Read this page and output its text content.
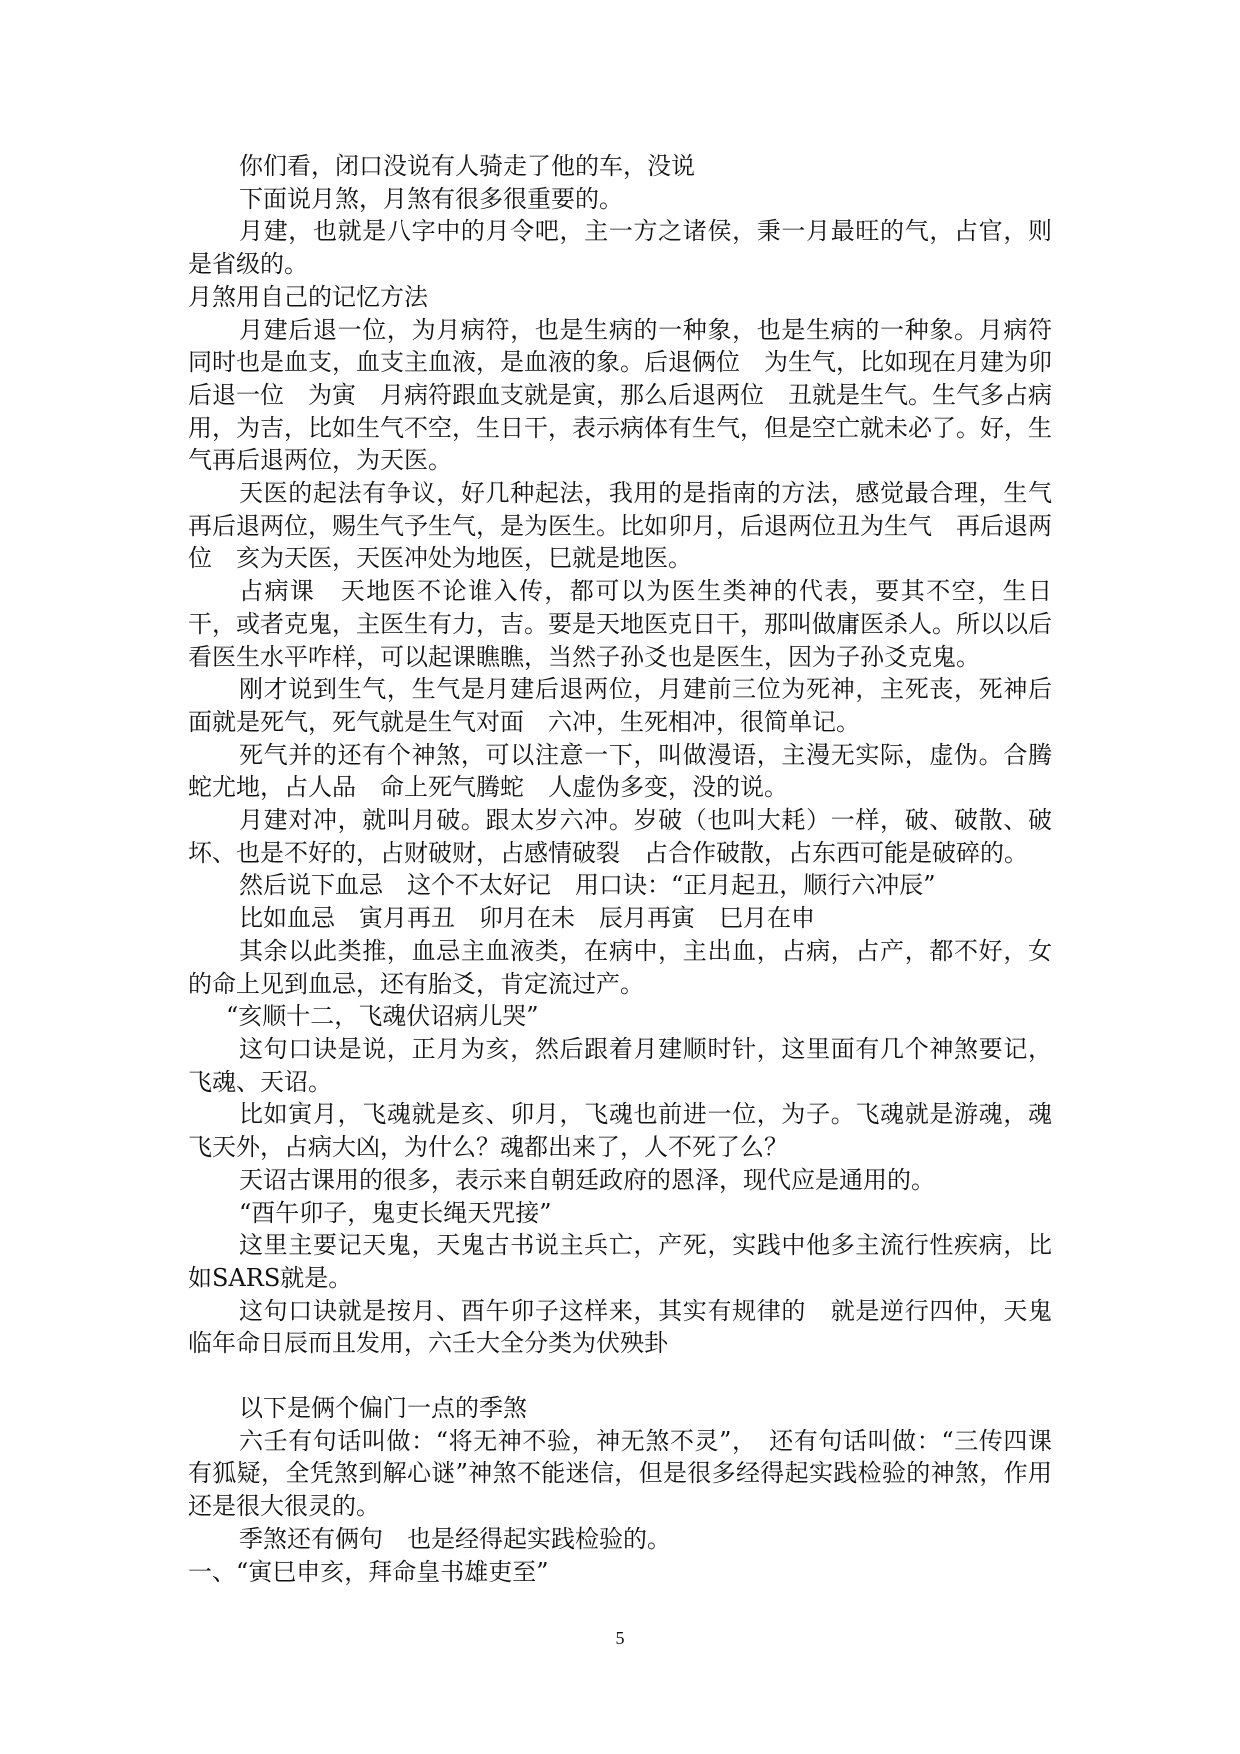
你们看，闭口没说有人骑走了他的车，没说

下面说月煞，月煞有很多很重要的。

月建，也就是八字中的月令吧，主一方之诸侯，秉一月最旺的气，占官，则是省级的。

月煞用自己的记忆方法

月建后退一位，为月病符，也是生病的一种象，也是生病的一种象。月病符同时也是血支，血支主血液，是血液的象。后退俩位　为生气，比如现在月建为卯　后退一位　为寅　月病符跟血支就是寅，那么后退两位　丑就是生气。生气多占病用，为吉，比如生气不空，生日干，表示病体有生气，但是空亡就未必了。好，生气再后退两位，为天医。

天医的起法有争议，好几种起法，我用的是指南的方法，感觉最合理，生气再后退两位，赐生气予生气，是为医生。比如卯月，后退两位丑为生气　再后退两位　亥为天医，天医冲处为地医，巳就是地医。

占病课　天地医不论谁入传，都可以为医生类神的代表，要其不空，生日干，或者克鬼，主医生有力，吉。要是天地医克日干，那叫做庸医杀人。所以以后看医生水平咋样，可以起课瞧瞧，当然子孙爻也是医生，因为子孙爻克鬼。

刚才说到生气，生气是月建后退两位，月建前三位为死神，主死丧，死神后面就是死气，死气就是生气对面　六冲，生死相冲，很简单记。

死气并的还有个神煞，可以注意一下，叫做漫语，主漫无实际，虚伪。合腾蛇尤地，占人品　命上死气腾蛇　人虚伪多变，没的说。

月建对冲，就叫月破。跟太岁六冲。岁破（也叫大耗）一样，破、破散、破坏、也是不好的，占财破财，占感情破裂　占合作破散，占东西可能是破碎的。

然后说下血忌　这个不太好记　用口诀：“正月起丑，顺行六冲辰”

比如血忌　寅月再丑　卯月在未　辰月再寅　巳月在申

其余以此类推，血忌主血液类，在病中，主出血，占病，占产，都不好，女的命上见到血忌，还有胎爻，肯定流过产。

“亥顺十二，飞魂伏诏病儿哭”

这句口诀是说，正月为亥，然后跟着月建顺时针，这里面有几个神煞要记，飞魂、天诏。

比如寅月，飞魂就是亥、卯月，飞魂也前进一位，为子。飞魂就是游魂，魂飞天外，占病大凶，为什么？魂都出来了，人不死了么？

天诏古课用的很多，表示来自朝廷政府的恩泽，现代应是通用的。

“酉午卯子，鬼吏长绳天咒接”

这里主要记天鬼，天鬼古书说主兵亡，产死，实践中他多主流行性疾病，比如SARS就是。

这句口诀就是按月、酉午卯子这样来，其实有规律的　就是逆行四仲，天鬼临年命日辰而且发用，六壬大全分类为伏殃卦

以下是俩个偏门一点的季煞

六壬有句话叫做：“将无神不验，神无煞不灵”，　还有句话叫做：“三传四课有狐疑，全凭煞到解心谜”神煞不能迷信，但是很多经得起实践检验的神煞，作用还是很大很灵的。

季煞还有俩句　也是经得起实践检验的。

一、“寅巳申亥，拜命皇书雄吏至”

5
